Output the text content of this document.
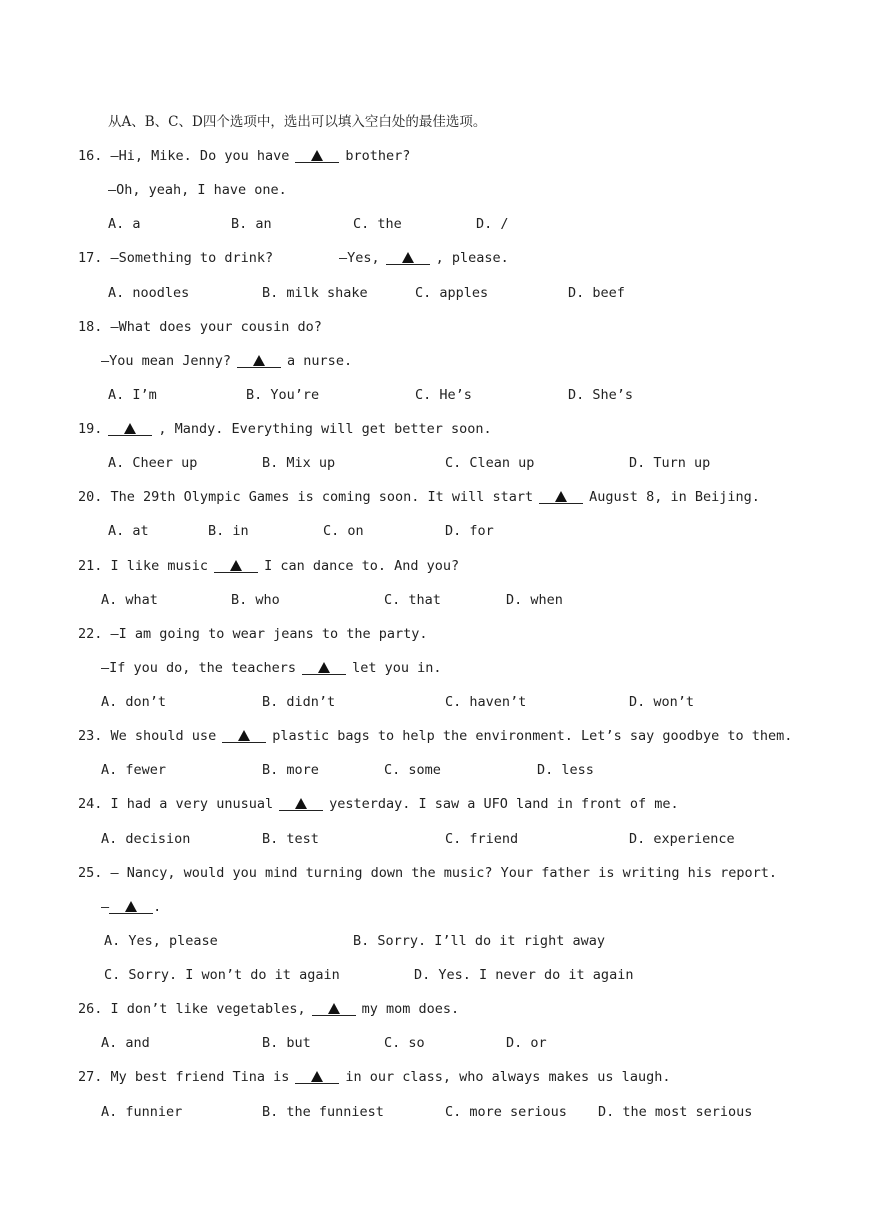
从A、B、C、D四个选项中，选出可以填入空白处的最佳选项。
16. —Hi, Mike. Do you have	brother?
—Oh, yeah, I have one.
A. a	B. an	C. the	D. /
17. —Something to drink?	—Yes,	, please.
A. noodles	B. milk shake	C. apples	D. beef
18. —What does your cousin do?
—You mean Jenny?	a nurse.
A. I’m	B. You’re	C. He’s	D. She’s
19.	, Mandy. Everything will get better soon.
A. Cheer up	B. Mix up	C. Clean up	D. Turn up
20. The 29th Olympic Games is coming soon. It will start	August 8, in Beijing.
A. at	B. in	C. on	D. for
21. I like music	I can dance to. And you?
A. what	B. who	C. that	D. when
22. —I am going to wear jeans to the party.
—If you do, the teachers	let you in.
A. don’t	B. didn’t	C. haven’t	D. won’t
23. We should use	plastic bags to help the environment. Let’s say goodbye to them.
A. fewer	B. more	C. some	D. less
24. I had a very unusual	yesterday. I saw a UFO land in front of me.
A. decision	B. test	C. friend	D. experience
25. — Nancy, would you mind turning down the music? Your father is writing his report.
—	.
A. Yes, please	B. Sorry. I’ll do it right away
C. Sorry. I won’t do it again	D. Yes. I never do it again
26. I don’t like vegetables,	my mom does.
A. and	B. but	C. so	D. or
27. My best friend Tina is	in our class, who always makes us laugh.
A. funnier	B. the funniest	C. more serious D. the most serious
